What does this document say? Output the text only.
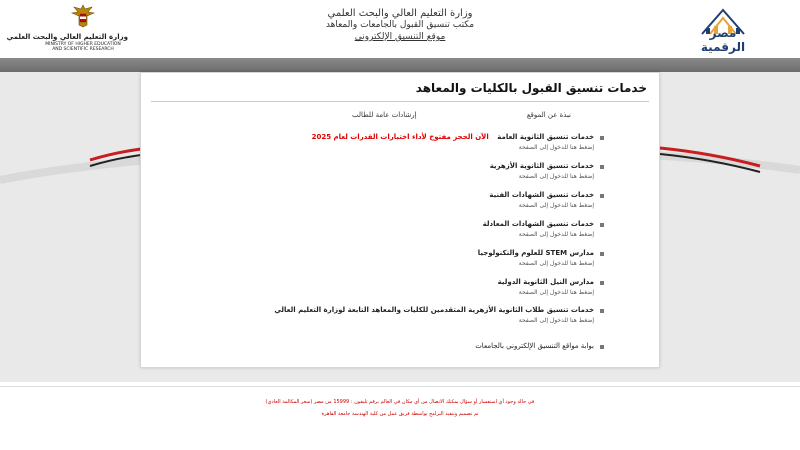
وزارة التعليم العالي والبحث العلمي
MINISTRY OF HIGHER EDUCATION
AND SCIENTIFIC RESEARCH
وزارة التعليم العالي والبحث العلمي
مكتب تنسيق القبول بالجامعات والمعاهد
موقع التنسيق الإلكتروني	مصر الرقمية
خدمات تنسيق القبول بالكليات والمعاهد
نبذة عن الموقع إرشادات عامة للطالب
خدمات تنسيق الثانوية العامة الآن الحجز مفتوح لأداء اختبارات القدرات لعام 2025
إضغط هنا للدخول إلى الصفحة
خدمات تنسيق الثانوية الأزهرية
إضغط هنا للدخول إلى الصفحة
خدمات تنسيق الشهادات الفنية
إضغط هنا للدخول إلى الصفحة
خدمات تنسيق الشهادات المعادلة
إضغط هنا للدخول إلى الصفحة
مدارس STEM للعلوم والتكنولوجيا
إضغط هنا للدخول إلى الصفحة
مدارس النيل الثانوية الدولية
إضغط هنا للدخول إلى الصفحة
خدمات تنسيق طلاب الثانوية الأزهرية المتقدمين للكليات والمعاهد التابعة لوزارة التعليم العالي
إضغط هنا للدخول إلى الصفحة
بوابة مواقع التنسيق الإلكتروني بالجامعات
في حالة وجود أي استفسار أو سؤال يمكنك الاتصال من أي مكان في العالم برقم تليفون : 15999 من مصر (سعر المكالمة العادي)
تم تصميم وتنفيذ البرامج بواسطة فريق عمل من كلية الهندسة جامعة القاهرة
